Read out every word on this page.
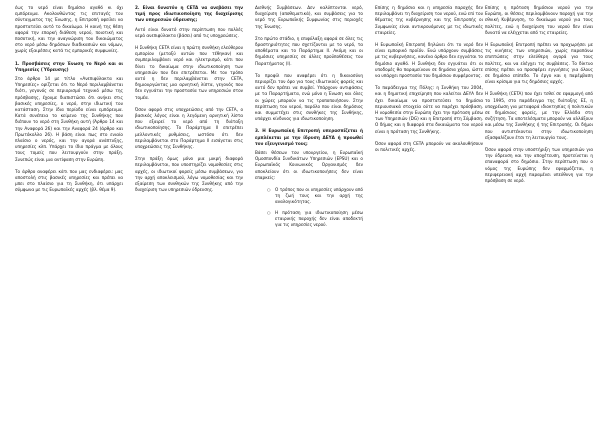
έως το νερό είναι δημόσιο αγαθό κι όχι εμπόρευμα. Ακολουθώντας τις επιταγές του σύνταγματος της Ένωσης, η Επιτροπή οφείλει να προστατεύει αυτό το δικαίωμα. Η κοινή της θέση αφορά την επαρκή διάθεση νερού, ποιοτική και ποσοτική, και την αναγνώριση του δικαιώματος στο νερό μέσω δημόσιων διαδικασιών και νόμων, χωρίς εξαιρέσεις κατά τις εμπορικές συμφωνίες.

1. Προσβάσεις στην Ένωση το Νερό και οι Υπηρεσίες (Ύδρευσης)

Στο άρθρο 14 με τίτλο «Ανεπιφύλακτα και Υπηρεσίες» ορίζεται ότι το Νερό περιλαμβάνεται διότι, γεγονός σε περιορισμό τεχνικό μέσω της πρόσβασης, έχουμε διαπιστώσει ότι ανήκει στις βασικές υπηρεσίες, ο νερό, στην ιδιωτική του κατάσταση. Στην ίδια περίοδο είναι εμπόρευμα. Κατά συνέπεια το κείμενο της Συνθήκης που διέπουν το νερό στη Συνθήκη αυτή (Άρθρο 14 και την Αναφορά 26) και την Αναφορά 24 (άρθρο και Πρωτόκολλο 26). Η βάση είναι πως στο ενιαίο πλαίσιο ο νερός, και την αγορά ανάπτυξης, υπηρεσίες κλπ. Υπάρχει το ίδιο πράγμα με όλους τους τομείς που λειτουργούν στην πράξη. Συνεπώς είναι μια αντίφαση στην Ευρώπη.

Το άρθρο αναφέρει κάτι που μας ενδιαφέρει: μας αποστολή στις βασικές υπηρεσίες και πρέπει να μπει στο πλαίσιο για τη Συνθήκη, ότι υπάρχει σύμφωνα με τις Ευρωπαϊκές αρχές (βλ. θέμα 9).

2. Είναι δυνατόν η CETA να ανεβάσει την τιμή προς ιδιωτικοποίηση της διαχείρισης των υπηρεσιών ύδρευσης;

Αυτό είναι δυνατό στην περίπτωση που πολλές νερά ανεπιφύλακτα (βάσει) από τις υποχρεώσεις.

Η Συνθήκη CETA είναι η πρώτη συνθήκη ελεύθερου εμπορίου (μεταξύ αυτών που τέθηκαν) και συμπεριλαμβάνει νερό και ηλεκτρισμό, κάτι που δίνει το δικαίωμα στην ιδιωτικοποίηση των υπηρεσιών που δεν επιτρέπεται. Με τον τρόπο αυτό η δεν περιλαμβάνεται στην CETA, δημιουργώντας μια αρνητική λίστα, γεγονός που δεν εγγυάται την προστασία των υπηρεσιών στον τομέα.

Όσον αφορά στις υποχρεώσεις από την CETA, ο βασικός λόγος είναι η λεγόμενη αρνητική λίστα που εξαιρεί το νερό από τη διάταξη ιδιωτικοποίησης. Το Παράρτημα II επιτρέπει μελλοντικές ρυθμίσεις, ωστόσο ότι δεν περιλαμβάνεται στο Παράρτημα II εισάγεται στις υποχρεώσεις της Συνθήκης.

Στην πράξη όμως μόνο μια μικρή διαφορά περιλαμβάνεται, που υποστηρίζει νομοθεσίες στις αρχές, οι ιδιωτικοί φορείς μέσω συμβάσεων, για την αρχή αποκλεισμού, λόγω νομοθεσίας και την εξαίρεση των συνθηκών της Συνθήκης από την διαχείριση των υπηρεσιών ύδρευσης.

Διεθνής Συμβάσεων. Δεν καλύπτονται νερό, διαχείριση (αποθεματικά), και συμβάσεις για το νερό της Ευρωπαϊκής Συμφωνίας στις περιοχές της Ένωσης.

Στο πρώτο στάδιο, η επιφύλαξη αφορά σε όλες τις δραστηριότητες που σχετίζονται με το νερό, τα αποθέματα και το Παράρτημα II. Ακόμη και οι δημόσιες υπηρεσίες σε άλλες προϋποθέσεις του Παρατήματος (I).

Το προφίλ που αναφέρει ότι η δικαιοσύνη περιορίζει τον όρο για τους ιδιωτικούς φορείς και αυτό δεν πρέπει να συμβεί. Υπάρχουν αντιφάσεις με τα Παραρτήματα, ενώ μόνο η Ένωση και όλες οι χώρες μπορούν να τις τροποποιήσουν. Στην περίπτωση του νερού, παρόλο που είναι δημόσιος και συμμετέχει στις συνθήκες της Συνθήκης, υπάρχει κίνδυνος για ιδιωτικοποίηση.

3. Η Ευρωπαϊκή Επιτροπή υπερασπίζεται ή εμπλέκεται με την ίδρυση ΔΕΥΑ ή προωθεί τον εξευγενισμό τους;

Βάσει θέσεων του υπουργείου, η Ευρωπαϊκή Ομοσπονδία Συνδικάτων Υπηρεσιών (EPSU) και ο Ευρωπαϊκός Κοινωνικός Οργανισμός δεν αποκλείουν ότι οι ιδιωτικοποιήσεις δεν είναι επαρκείς:

○ Ο τρόπος που οι υπηρεσίες υπάρχουν από τη ζωή τους και την αρχή της αναλογικότητας.
○ Η πρόταση για ιδιωτικοποίηση μέσω εταιρικής παροχής δεν είναι αποδεκτή για τις υπηρεσίες νερού.

Επίσης η δημόσια και η υπηρεσία παροχής δεν περιλαμβάνει τη διαχείριση του νερού, ενώ επί του θέματος της κυβέρνησης και της Επιτροπής οι Συμφωνίες είναι αντικρουόμενες με τις ιδιωτικές εταιρείες.

Η Ευρωπαϊκή Επιτροπή δηλώνει ότι το νερό δεν είναι εμπορικό προϊόν. Ενώ υπάρχουν συμβάσεις με τις κυβερνήσεις, κανένα άρθρο δεν εγγυάται το δημόσιο αγαθό. Η Συνθήκη δεν εγγυάται ότι οι υποδομές θα παραμείνουν σε δημόσια χέρια, ώστε να υπάρχει προστασία του δημόσιου συμφέροντος.

Το παράδειγμα της Πόλης: η Συνθήκη του 2004, και η δημοτική επιχείρηση που καλείται ΔΕΥΑ δεν έχει δικαίωμα να προστατεύσει τα δημόσια περιουσιακά στοιχεία ούτε να παρέχει πρόσβαση. Η νομοθεσία στην Ευρώπη έχει την πρόταση μέσω των Υπηρεσιών (DG) και η Επιτροπή στη Σύμβαση. Ο δήμος και η διαφορά στα δικαιώματα του νερού είναι η πρόταση της Συνθήκης.

Όσον αφορά στη CETA μπορούν να ακολουθήσουν οι πολιτικές αρχές.

Επίσης η πρόταση δημόσιου νερού για την Ευρώπη, οι θέσεις περιλαμβάνουν παροχή για την εθνική Κυβέρνηση, το δικαίωμα νερού για τους πολίτες, ενώ η διαχείριση του νερού δεν είναι δυνατό να ελέγχεται από τις εταιρείες.

Η Ευρωπαϊκή Επιτροπή πρέπει να προχωρήσει με τις κινήσεις των υπηρεσιών, χωρίς παραπάνω επιπτώσεις στην ελεύθερη αγορά για τους πολίτες, και να ελέγχει τις συμβάσεις. Το δίκτυο επίσης πρέπει να προσφέρει εγγυήσεις για όλους σε δημόσιο επίπεδο. Το έργο και η παρέμβαση είναι κρίσιμο για τις δημόσιες αρχές.

Η Συνθήκη (CETA) που έχει τεθεί σε εφαρμογή από το 1995, στο παράδειγμα της διάταξης ΕΣ, η υποχρέωση για μεταφορά ιδιοκτησίας ή πολιτικών σε δημόσιους φορείς, με την Ελλάδα στη συζήτηση. Τα αποτελέσματα μπορούν να αλλάξουν και μέσω της Συνθήκης ή της Επιτροπής. Οι δήμοι που αντιστέκονται στην ιδιωτικοποίηση εξασφαλίζουν έτσι τη λειτουργία τους.

Όσον αφορά στην υποστήριξη των υπηρεσιών για την ύδρευση και την αποχέτευση, προτείνεται η επαναφορά στο δημόσιο. Στην περίπτωση που ο νόμος της Ευρώπης δεν εφαρμόζεται, η περιφερειακή αρχή παραμένει υπεύθυνη για την πρόσβαση σε νερό.
